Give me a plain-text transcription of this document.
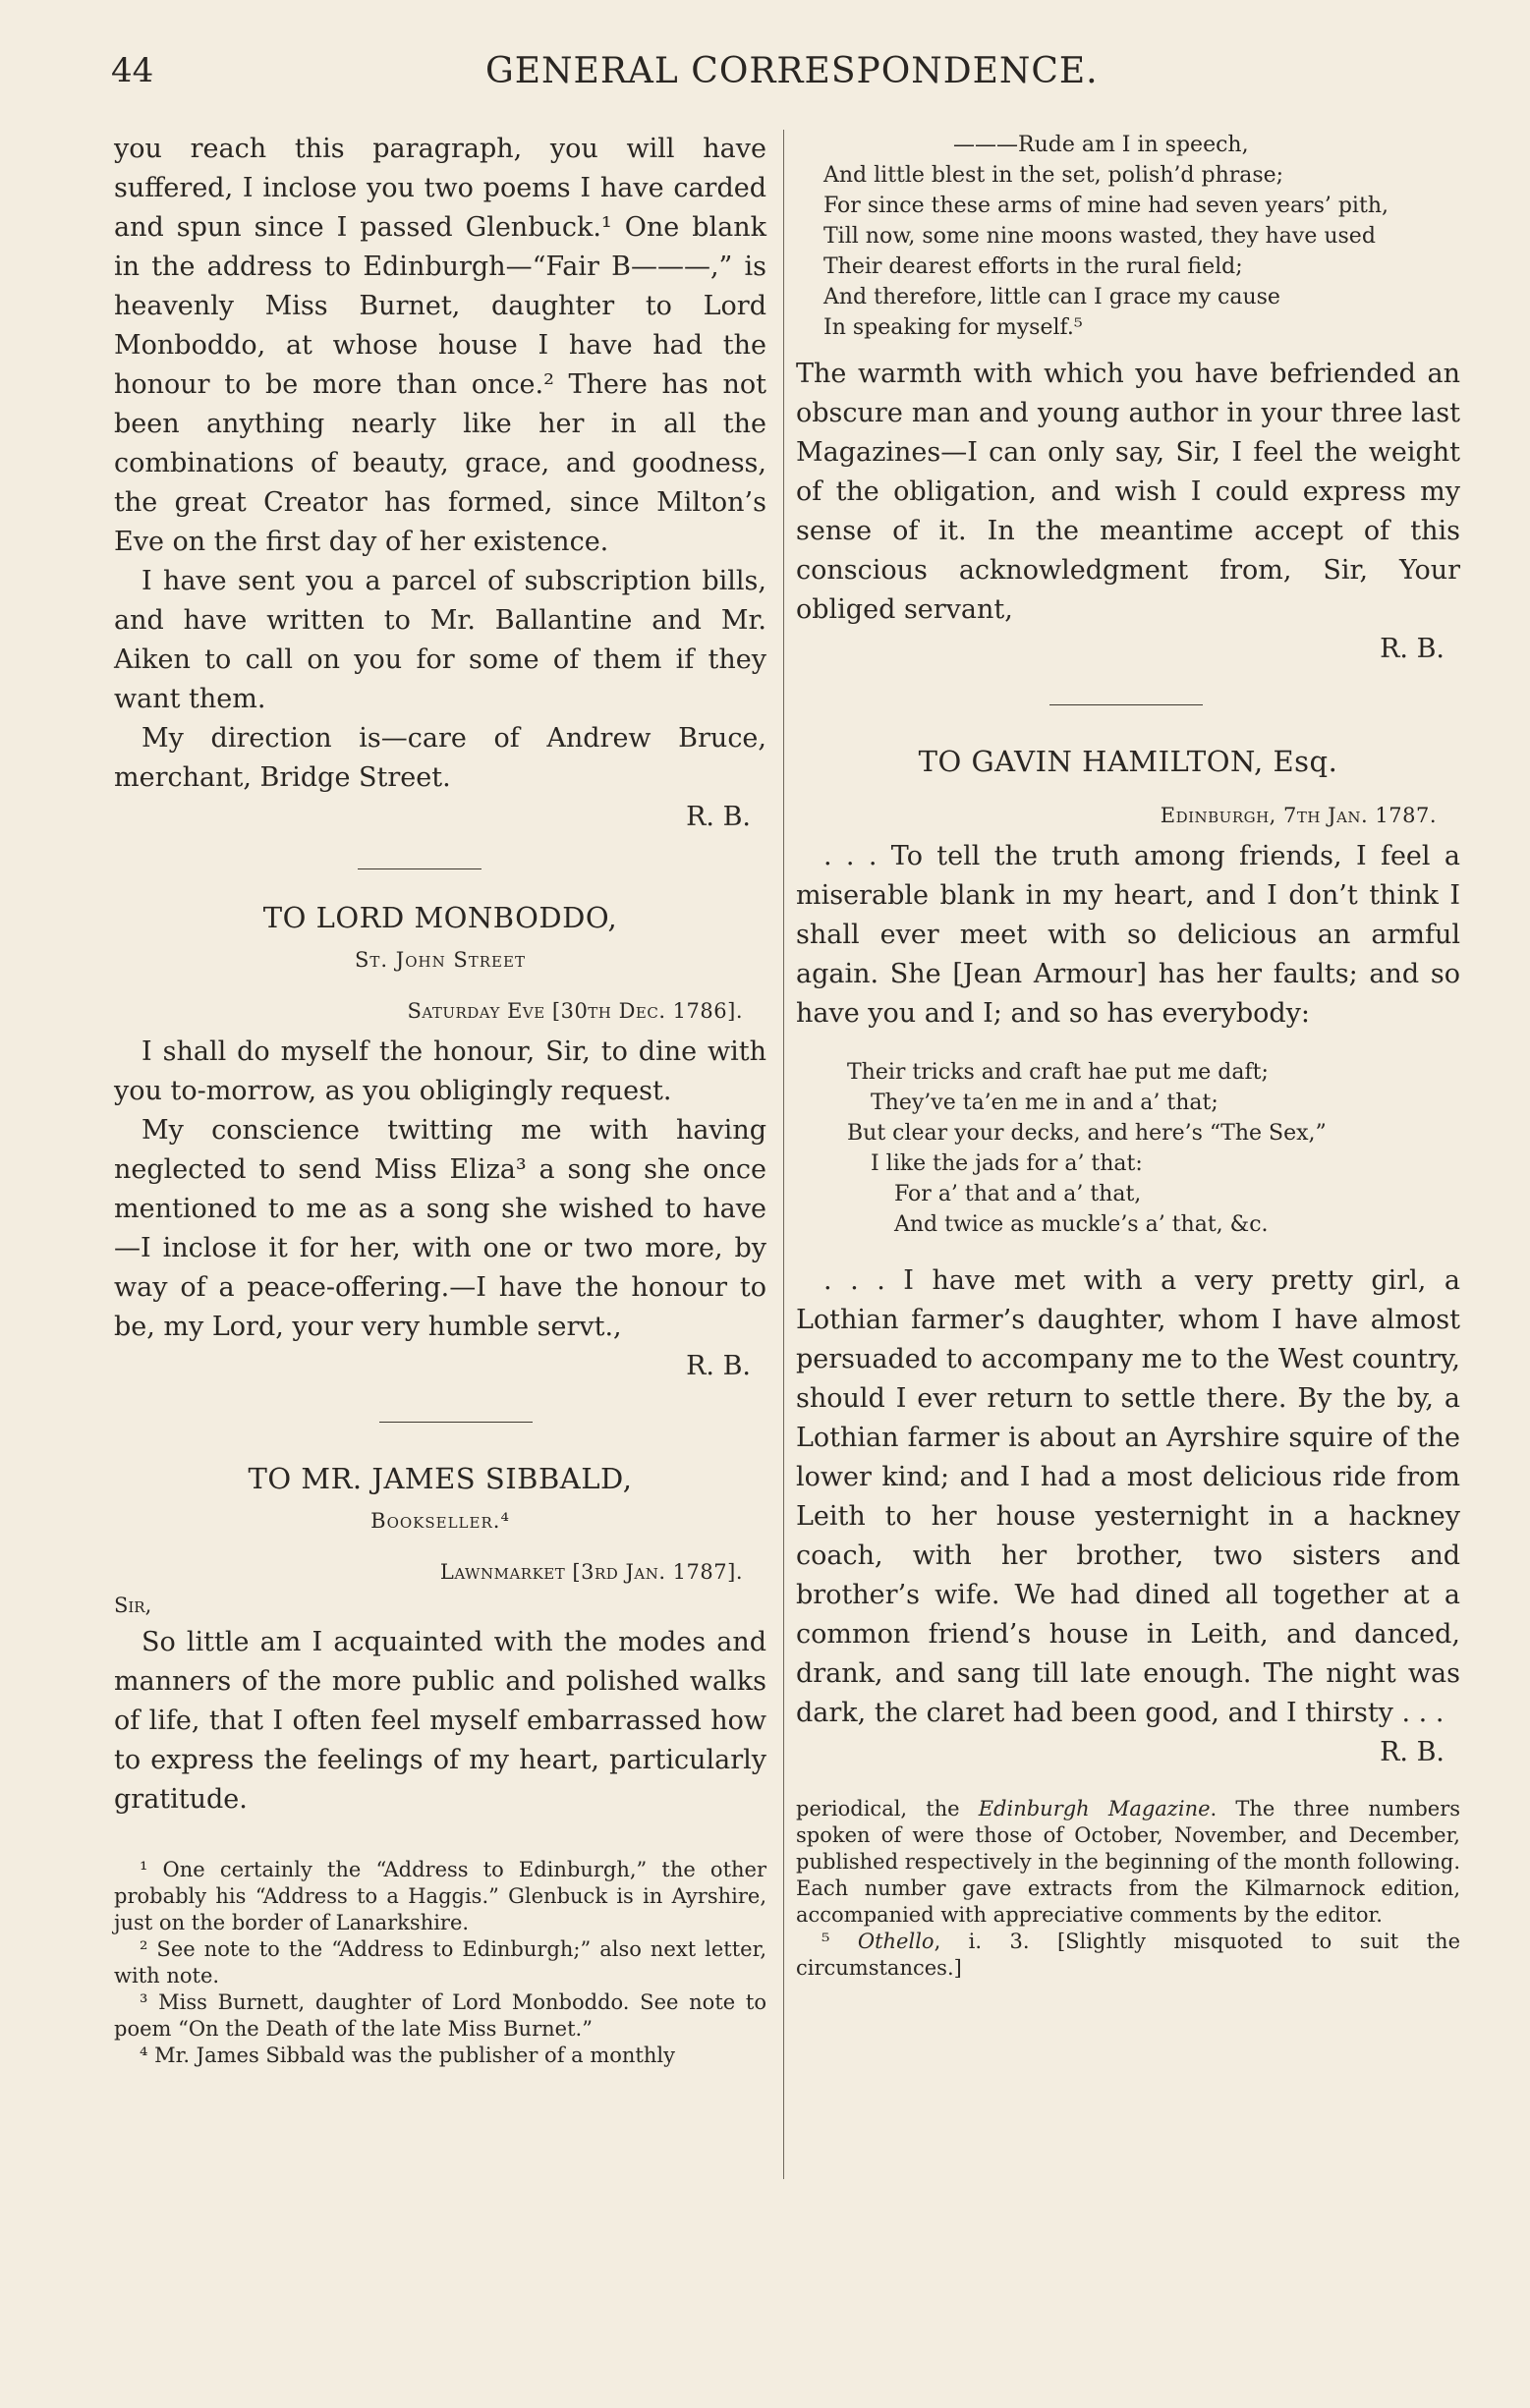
44	GENERAL CORRESPONDENCE.

you reach this paragraph, you will have suffered, I inclose you two poems I have carded and spun since I passed Glenbuck.¹ One blank in the address to Edinburgh—“Fair B———,” is heavenly Miss Burnet, daughter to Lord Monboddo, at whose house I have had the honour to be more than once.² There has not been anything nearly like her in all the combinations of beauty, grace, and goodness, the great Creator has formed, since Milton’s Eve on the first day of her existence.

I have sent you a parcel of subscription bills, and have written to Mr. Ballantine and Mr. Aiken to call on you for some of them if they want them.

My direction is—care of Andrew Bruce, merchant, Bridge Street.

R. B.

TO LORD MONBODDO,
St. John Street
Saturday Eve [30th Dec. 1786].

I shall do myself the honour, Sir, to dine with you to-morrow, as you obligingly request.

My conscience twitting me with having neglected to send Miss Eliza³ a song she once mentioned to me as a song she wished to have—I inclose it for her, with one or two more, by way of a peace-offering.—I have the honour to be, my Lord, your very humble servt.,

R. B.

TO MR. JAMES SIBBALD,
Bookseller.⁴
Lawnmarket [3rd Jan. 1787].
Sir,

So little am I acquainted with the modes and manners of the more public and polished walks of life, that I often feel myself embarrassed how to express the feelings of my heart, particularly gratitude.

¹ One certainly the “Address to Edinburgh,” the other probably his “Address to a Haggis.” Glenbuck is in Ayrshire, just on the border of Lanarkshire.

² See note to the “Address to Edinburgh;” also next letter, with note.

³ Miss Burnett, daughter of Lord Monboddo. See note to poem “On the Death of the late Miss Burnet.”

⁴ Mr. James Sibbald was the publisher of a monthly

———Rude am I in speech,
And little blest in the set, polish’d phrase;
For since these arms of mine had seven years’ pith,
Till now, some nine moons wasted, they have used
Their dearest efforts in the rural field;
And therefore, little can I grace my cause
In speaking for myself.⁵

The warmth with which you have befriended an obscure man and young author in your three last Magazines—I can only say, Sir, I feel the weight of the obligation, and wish I could express my sense of it. In the meantime accept of this conscious acknowledgment from, Sir, Your obliged servant,

R. B.

TO GAVIN HAMILTON, Esq.
Edinburgh, 7th Jan. 1787.

. . . To tell the truth among friends, I feel a miserable blank in my heart, and I don’t think I shall ever meet with so delicious an armful again. She [Jean Armour] has her faults; and so have you and I; and so has everybody:

Their tricks and craft hae put me daft;
They’ve ta’en me in and a’ that;
But clear your decks, and here’s “The Sex,”
I like the jads for a’ that:
For a’ that and a’ that,
And twice as muckle’s a’ that, &c.

. . . I have met with a very pretty girl, a Lothian farmer’s daughter, whom I have almost persuaded to accompany me to the West country, should I ever return to settle there. By the by, a Lothian farmer is about an Ayrshire squire of the lower kind; and I had a most delicious ride from Leith to her house yesternight in a hackney coach, with her brother, two sisters and brother’s wife. We had dined all together at a common friend’s house in Leith, and danced, drank, and sang till late enough. The night was dark, the claret had been good, and I thirsty . . .

R. B.

periodical, the Edinburgh Magazine. The three numbers spoken of were those of October, November, and December, published respectively in the beginning of the month following. Each number gave extracts from the Kilmarnock edition, accompanied with appreciative comments by the editor.

⁵ Othello, i. 3. [Slightly misquoted to suit the circumstances.]
